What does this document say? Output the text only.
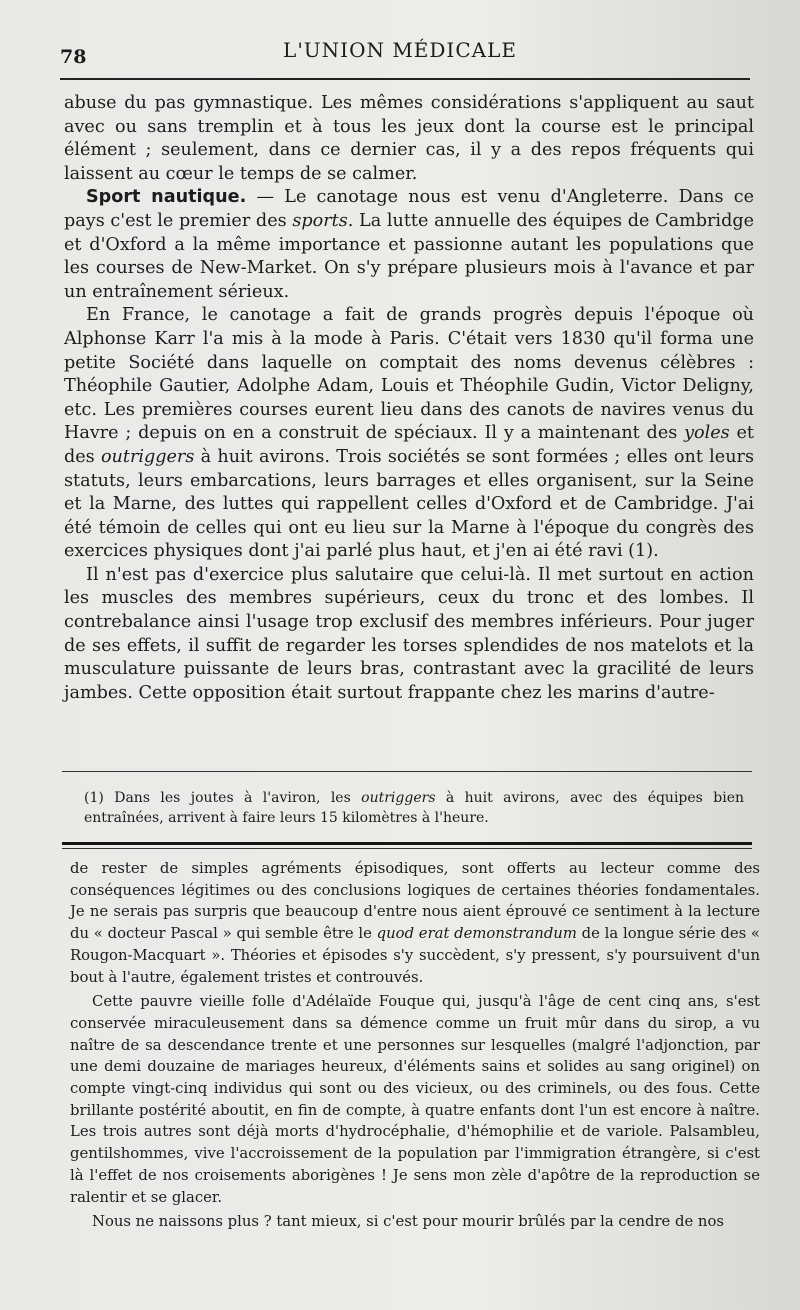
78	L'UNION MÉDICALE

abuse du pas gymnastique. Les mêmes considérations s'appliquent au saut avec ou sans tremplin et à tous les jeux dont la course est le principal élément ; seulement, dans ce dernier cas, il y a des repos fréquents qui laissent au cœur le temps de se calmer.

Sport nautique. — Le canotage nous est venu d'Angleterre. Dans ce pays c'est le premier des sports. La lutte annuelle des équipes de Cambridge et d'Oxford a la même importance et passionne autant les populations que les courses de New-Market. On s'y prépare plusieurs mois à l'avance et par un entraînement sérieux.

En France, le canotage a fait de grands progrès depuis l'époque où Alphonse Karr l'a mis à la mode à Paris. C'était vers 1830 qu'il forma une petite Société dans laquelle on comptait des noms devenus célèbres : Théophile Gautier, Adolphe Adam, Louis et Théophile Gudin, Victor Deligny, etc. Les premières courses eurent lieu dans des canots de navires venus du Havre ; depuis on en a construit de spéciaux. Il y a maintenant des yoles et des outriggers à huit avirons. Trois sociétés se sont formées ; elles ont leurs statuts, leurs embarcations, leurs barrages et elles organisent, sur la Seine et la Marne, des luttes qui rappellent celles d'Oxford et de Cambridge. J'ai été témoin de celles qui ont eu lieu sur la Marne à l'époque du congrès des exercices physiques dont j'ai parlé plus haut, et j'en ai été ravi (1).

Il n'est pas d'exercice plus salutaire que celui-là. Il met surtout en action les muscles des membres supérieurs, ceux du tronc et des lombes. Il contrebalance ainsi l'usage trop exclusif des membres inférieurs. Pour juger de ses effets, il suffit de regarder les torses splendides de nos matelots et la musculature puissante de leurs bras, contrastant avec la gracilité de leurs jambes. Cette opposition était surtout frappante chez les marins d'autre-

(1) Dans les joutes à l'aviron, les outriggers à huit avirons, avec des équipes bien entraînées, arrivent à faire leurs 15 kilomètres à l'heure.

de rester de simples agréments épisodiques, sont offerts au lecteur comme des conséquences légitimes ou des conclusions logiques de certaines théories fondamentales. Je ne serais pas surpris que beaucoup d'entre nous aient éprouvé ce sentiment à la lecture du « docteur Pascal » qui semble être le quod erat demonstrandum de la longue série des « Rougon-Macquart ». Théories et épisodes s'y succèdent, s'y pressent, s'y poursuivent d'un bout à l'autre, également tristes et controuvés.

Cette pauvre vieille folle d'Adélaïde Fouque qui, jusqu'à l'âge de cent cinq ans, s'est conservée miraculeusement dans sa démence comme un fruit mûr dans du sirop, a vu naître de sa descendance trente et une personnes sur lesquelles (malgré l'adjonction, par une demi douzaine de mariages heureux, d'éléments sains et solides au sang originel) on compte vingt-cinq individus qui sont ou des vicieux, ou des criminels, ou des fous. Cette brillante postérité aboutit, en fin de compte, à quatre enfants dont l'un est encore à naître. Les trois autres sont déjà morts d'hydrocéphalie, d'hémophilie et de variole. Palsambleu, gentilshommes, vive l'accroissement de la population par l'immigration étrangère, si c'est là l'effet de nos croisements aborigènes ! Je sens mon zèle d'apôtre de la reproduction se ralentir et se glacer.

Nous ne naissons plus ? tant mieux, si c'est pour mourir brûlés par la cendre de nos
